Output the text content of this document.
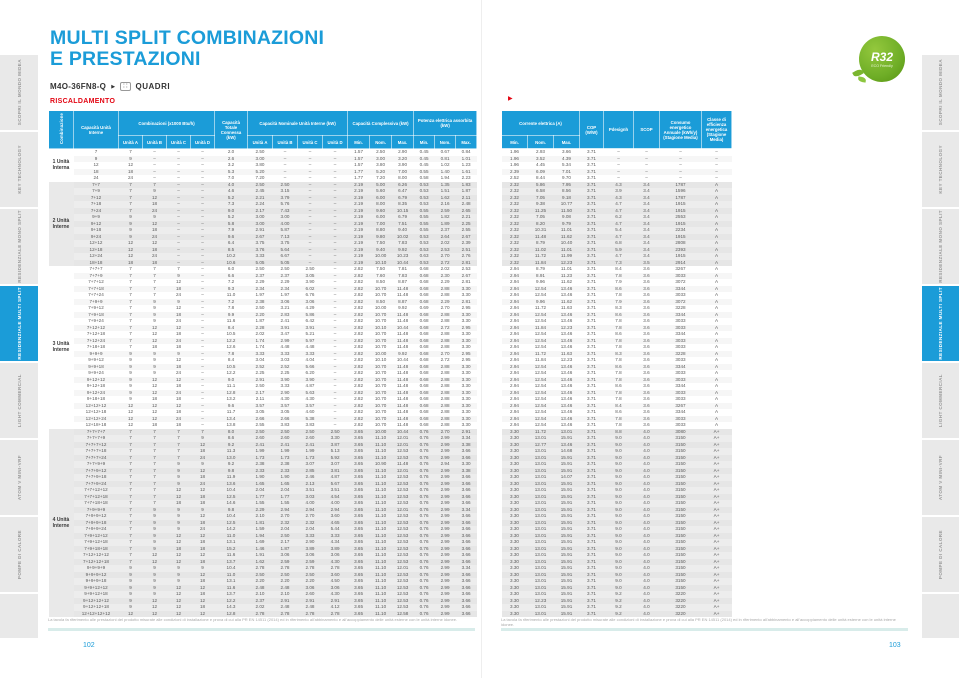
SCOPRI IL MONDO MIDEA
KEY TECHNOLOGY
RESIDENZIALE MONO SPLIT
RESIDENZIALE MULTI SPLIT
LIGHT COMMERCIAL
ATOM V MINI-VRF
POMPE DI CALORE
SCOPRI IL MONDO MIDEA
KEY TECHNOLOGY
RESIDENZIALE MONO SPLIT
RESIDENZIALE MULTI SPLIT
LIGHT COMMERCIAL
ATOM V MINI-VRF
POMPE DI CALORE
MULTI SPLIT COMBINAZIONI
E PRESTAZIONI
M4O-36FN8-Q ▶	∷	QUADRI
RISCALDAMENTO
Combinazione	Capacità Unità Interne	Combinazioni (x1000 Btu/h)				Capacità Totale Connessa (kW)	Capacità Nominale Unità Interne (kW)				Capacità Complessiva (kW)			Potenza elettrica assorbita (kW)		
		Unità A	Unità B	Unità C	Unità D		Unità A	Unità B	Unità C	Unità D	Min.	Nom.	Max.	Min.	Nom.	Max.
1 Unità Interna	7	7	–	–	–	2.0	2.50	–	–	–	1.57	2.50	2.90	0.45	0.67	0.84
	9	9	–	–	–	2.6	3.00	–	–	–	1.57	3.00	3.20	0.45	0.81	1.01
	12	12	–	–	–	3.2	3.80	–	–	–	1.57	3.80	3.90	0.45	1.02	1.23
	18	18	–	–	–	5.3	5.20	–	–	–	1.77	5.20	7.00	0.55	1.40	1.61
	24	24	–	–	–	7.0	7.20	–	–	–	1.77	7.20	8.00	0.58	1.94	2.23
2 Unità Interne	7+7	7	7	–	–	4.0	2.50	2.50	–	–	2.19	5.00	6.26	0.53	1.35	1.83
	7+9	7	9	–	–	4.6	2.45	3.15	–	–	2.19	5.60	6.47	0.53	1.51	1.87
	7+12	7	12	–	–	5.2	2.21	3.79	–	–	2.19	6.00	6.79	0.53	1.62	2.11
	7+18	7	18	–	–	7.3	2.24	5.76	–	–	2.19	8.00	8.35	0.53	2.16	2.48
	7+24	7	24	–	–	9.0	2.17	7.43	–	–	2.19	9.60	10.15	0.55	2.59	2.65
	9+9	9	9	–	–	5.2	3.00	3.00	–	–	2.19	6.00	6.79	0.55	1.82	2.21
	9+12	9	12	–	–	5.8	3.00	4.00	–	–	2.19	7.00	7.51	0.55	1.89	2.25
	9+18	9	18	–	–	7.9	2.91	5.87	–	–	2.19	8.80	9.40	0.55	2.37	2.55
	9+24	9	24	–	–	9.6	2.67	7.13	–	–	2.19	9.80	10.02	0.53	2.64	2.67
	12+12	12	12	–	–	6.4	3.75	3.75	–	–	2.19	7.50	7.83	0.53	2.02	2.39
	12+18	12	18	–	–	8.5	3.76	5.64	–	–	2.19	9.40	9.92	0.53	2.53	2.51
	12+24	12	24	–	–	10.2	3.33	6.67	–	–	2.19	10.00	10.23	0.63	2.70	2.76
	18+18	18	18	–	–	10.6	5.05	5.05	–	–	2.19	10.10	10.44	0.53	2.72	2.81
3 Unità Interne	7+7+7	7	7	7	–	6.0	2.50	2.50	2.50	–	2.82	7.50	7.81	0.68	2.02	2.53
	7+7+9	7	7	9	–	6.6	2.37	2.37	3.05	–	2.82	7.60	7.83	0.68	2.30	2.67
	7+7+12	7	7	12	–	7.2	2.29	2.29	3.90	–	2.82	8.50	8.87	0.68	2.29	2.81
	7+7+18	7	7	18	–	9.3	2.34	2.34	6.02	–	2.82	10.70	11.48	0.68	2.88	3.30
	7+7+24	7	7	24	–	11.0	1.97	1.97	6.76	–	2.82	10.70	11.48	0.68	2.88	3.30
	7+9+9	7	9	9	–	7.2	2.38	3.06	3.06	–	2.82	8.50	8.87	0.68	2.29	2.81
	7+9+12	7	9	12	–	7.8	2.50	3.21	4.29	–	2.82	10.00	9.92	0.69	2.70	2.95
	7+9+18	7	9	18	–	9.9	2.20	2.83	5.86	–	2.82	10.70	11.48	0.68	2.88	3.30
	7+9+24	7	9	24	–	11.6	1.87	2.41	6.42	–	2.82	10.70	11.48	0.68	2.88	3.30
	7+12+12	7	12	12	–	8.4	2.28	3.91	3.91	–	2.82	10.10	10.44	0.68	2.72	2.95
	7+12+18	7	12	18	–	10.5	2.02	3.47	5.21	–	2.82	10.70	11.48	0.68	2.88	3.30
	7+12+24	7	12	24	–	12.2	1.74	2.99	5.97	–	2.82	10.70	11.48	0.68	2.88	3.30
	7+18+18	7	18	18	–	12.6	1.74	4.48	4.48	–	2.82	10.70	11.48	0.68	2.88	3.30
	9+9+9	9	9	9	–	7.8	3.33	3.33	3.33	–	2.82	10.00	9.92	0.68	2.70	2.95
	9+9+12	9	9	12	–	8.4	3.04	3.03	4.04	–	2.82	10.10	10.44	0.68	2.72	2.95
	9+9+18	9	9	18	–	10.5	2.52	2.52	5.66	–	2.82	10.70	11.48	0.68	2.88	3.30
	9+9+24	9	9	24	–	12.2	2.25	2.25	6.20	–	2.82	10.70	11.48	0.68	2.88	3.30
	9+12+12	9	12	12	–	9.0	2.91	3.90	3.90	–	2.82	10.70	11.48	0.68	2.88	3.30
	9+12+18	9	12	18	–	11.1	2.50	3.33	4.87	–	2.82	10.70	11.48	0.68	2.88	3.30
	9+12+24	9	12	24	–	12.8	2.17	2.90	5.63	–	2.82	10.70	11.48	0.68	2.88	3.30
	9+18+18	9	18	18	–	13.2	2.11	4.30	4.30	–	2.82	10.70	11.48	0.68	2.88	3.30
	12+12+12	12	12	12	–	9.6	3.57	3.57	3.57	–	2.82	10.70	11.48	0.68	2.88	3.30
	12+12+18	12	12	18	–	11.7	3.05	3.05	4.60	–	2.82	10.70	11.48	0.68	2.88	3.30
	12+12+24	12	12	24	–	13.4	2.66	2.66	5.38	–	2.82	10.70	11.48	0.68	2.88	3.30
	12+18+18	12	18	18	–	13.8	2.55	3.83	3.83	–	2.82	10.70	11.48	0.68	2.88	3.30
4 Unità Interne	7+7+7+7	7	7	7	7	8.0	2.50	2.50	2.50	2.50	3.65	10.00	10.44	0.76	2.70	2.91
	7+7+7+9	7	7	7	9	8.6	2.60	2.60	2.60	3.30	3.65	11.10	12.01	0.76	2.99	3.34
	7+7+7+12	7	7	7	12	9.2	2.41	2.41	2.41	3.87	3.65	11.10	12.01	0.76	2.99	3.38
	7+7+7+18	7	7	7	18	11.3	1.99	1.99	1.99	5.13	3.65	11.10	12.53	0.76	2.99	3.66
	7+7+7+24	7	7	7	24	13.0	1.73	1.73	1.73	5.92	3.65	11.10	12.53	0.76	2.99	3.66
	7+7+9+9	7	7	9	9	9.2	2.38	2.38	3.07	3.07	3.65	10.90	11.48	0.76	2.94	3.30
	7+7+9+12	7	7	9	12	9.8	2.33	2.33	2.85	3.81	3.65	11.10	12.01	0.76	2.99	3.38
	7+7+9+18	7	7	9	18	11.9	1.90	1.90	2.46	4.87	3.65	11.10	12.53	0.76	2.99	3.66
	7+7+9+24	7	7	9	24	13.6	1.65	1.65	2.13	5.67	3.65	11.10	12.53	0.76	2.99	3.66
	7+7+12+12	7	7	12	12	10.4	2.04	2.04	3.51	3.51	3.65	11.10	12.53	0.76	2.99	3.66
	7+7+12+18	7	7	12	18	12.5	1.77	1.77	3.03	4.54	3.65	11.10	12.53	0.76	2.99	3.66
	7+7+18+18	7	7	18	18	14.6	1.55	1.55	4.00	4.00	3.65	11.10	12.53	0.76	2.99	3.66
	7+9+9+9	7	9	9	9	9.8	2.29	2.94	2.94	2.94	3.65	11.10	12.01	0.76	2.99	3.34
	7+9+9+12	7	9	9	12	10.4	2.10	2.70	2.70	3.60	3.65	11.10	12.53	0.76	2.99	3.66
	7+9+9+18	7	9	9	18	12.5	1.81	2.32	2.32	4.65	3.65	11.10	12.53	0.76	2.99	3.66
	7+9+9+24	7	9	9	24	14.2	1.59	2.04	2.04	5.44	3.65	11.10	12.53	0.76	2.99	3.66
	7+9+12+12	7	9	12	12	11.0	1.94	2.50	3.33	3.33	3.65	11.10	12.53	0.76	2.99	3.66
	7+9+12+18	7	9	12	18	13.1	1.69	2.17	2.90	4.34	3.65	11.10	12.53	0.76	2.99	3.66
	7+9+18+18	7	9	18	18	15.2	1.46	1.87	3.89	3.89	3.65	11.10	12.53	0.76	2.99	3.66
	7+12+12+12	7	12	12	12	11.6	1.91	3.06	3.06	3.06	3.65	11.10	12.53	0.76	2.99	3.66
	7+12+12+18	7	12	12	18	13.7	1.62	2.59	2.59	4.30	3.65	11.10	12.53	0.76	2.99	3.66
	9+9+9+9	9	9	9	9	10.4	2.78	2.78	2.78	2.78	3.65	11.10	12.01	0.76	2.99	3.34
	9+9+9+12	9	9	9	12	11.0	2.50	2.50	2.50	3.60	3.65	11.10	12.53	0.76	2.99	3.66
	9+9+9+18	9	9	9	18	13.1	2.20	2.20	2.20	4.50	3.65	11.10	12.53	0.76	2.99	3.66
	9+9+12+12	9	9	12	12	11.6	2.48	2.48	3.06	3.06	3.65	11.10	12.53	0.76	2.99	3.66
	9+9+12+18	9	9	12	18	13.7	2.10	2.10	2.60	4.30	3.65	11.10	12.53	0.76	2.99	3.66
	9+12+12+12	9	12	12	12	12.2	2.37	2.91	2.91	2.91	3.65	11.10	12.53	0.76	2.99	3.66
	9+12+12+18	9	12	12	18	14.3	2.02	2.48	2.48	4.12	3.65	11.10	12.53	0.76	2.99	3.66
	12+12+12+12	12	12	12	12	12.8	2.78	2.78	2.78	2.78	3.65	11.10	12.58	0.76	2.99	3.66
La tavola fa riferimento alle prestazioni del prodotto misurate alle condizioni di installazione e prova di cui alla PR EN 14511 (2014) ed in riferimento all'abbinamento e all'accoppiamento delle unità esterne con le unità interne idonee.
102
▶
R32
ECO Friendly
Corrente elettrica (A)			COP (W/W)	Pdesignh	SCOP	Consumo energetico Annuale (kWh/y) (Stagione Media)	Classe di efficienza energetica (Stagione Media)
Min.	Nom.	Max.					
1.96	2.93	3.66	3.71	–	–	–	–
1.96	3.52	4.39	3.71	–	–	–	–
1.96	4.45	5.34	3.71	–	–	–	–
2.39	6.09	7.01	3.71	–	–	–	–
2.52	8.44	9.70	3.71	–	–	–	–
2.32	5.86	7.95	3.71	4.3	3.4	1787	A
2.32	6.58	8.56	3.71	3.9	3.4	1596	A
2.32	7.05	9.18	3.71	4.3	3.4	1787	A
2.32	9.38	10.77	3.71	4.7	3.4	1915	A
2.32	11.25	11.50	3.71	4.7	3.4	1915	A
2.32	7.05	9.08	3.71	6.2	3.4	2553	A
2.32	8.20	9.79	3.71	4.7	3.4	1915	A
2.32	10.31	11.01	3.71	5.4	3.4	2234	A
2.32	11.48	11.62	3.71	4.7	3.4	1915	A
2.32	8.79	10.40	3.71	6.8	3.4	2808	A
2.32	11.02	11.01	3.71	5.9	3.4	2393	A
2.32	11.72	11.99	3.71	4.7	3.4	1915	A
2.32	11.84	12.23	3.71	7.3	3.5	2914	A
2.94	8.79	11.01	3.71	8.4	3.6	3267	A
2.94	8.91	11.23	3.71	7.8	3.6	3033	A
2.94	9.96	11.62	3.71	7.9	3.6	3072	A
2.94	12.54	13.46	3.71	8.6	3.6	3344	A
2.94	12.54	13.46	3.71	7.8	3.6	3033	A
2.94	9.96	11.62	3.71	7.9	3.6	3072	A
2.94	11.72	11.63	3.71	8.3	3.6	3228	A
2.94	12.54	13.46	3.71	8.6	3.6	3344	A
2.94	12.54	13.46	3.71	7.8	3.6	3033	A
2.94	11.84	12.23	3.71	7.8	3.6	3033	A
2.94	12.54	13.46	3.71	8.6	3.6	3344	A
2.94	12.54	13.46	3.71	7.8	3.6	3033	A
2.94	12.54	13.46	3.71	7.8	3.6	3033	A
2.94	11.72	11.63	3.71	8.3	3.6	3228	A
2.94	11.84	12.23	3.71	7.8	3.6	3033	A
2.94	12.54	13.46	3.71	8.6	3.6	3344	A
2.94	12.54	13.46	3.71	7.8	3.6	3033	A
2.94	12.54	13.46	3.71	7.8	3.6	3033	A
2.94	12.54	13.46	3.71	8.6	3.6	3344	A
2.94	12.54	13.46	3.71	7.8	3.6	3033	A
2.94	12.54	13.46	3.71	7.8	3.6	3033	A
2.94	12.54	13.46	3.71	8.4	3.6	3267	A
2.94	12.54	13.46	3.71	8.6	3.6	3344	A
2.94	12.54	13.46	3.71	7.8	3.6	3033	A
2.94	12.54	13.46	3.71	7.8	3.6	3033	A
3.30	11.72	13.01	3.71	8.8	4.0	3080	A+
3.30	13.01	15.91	3.71	9.0	4.0	3150	A+
3.30	12.77	13.46	3.71	9.0	4.0	3150	A+
3.30	13.01	14.68	3.71	9.0	4.0	3150	A+
3.30	13.01	15.91	3.71	9.0	4.0	3150	A+
3.30	13.01	15.91	3.71	9.0	4.0	3150	A+
3.30	13.01	15.91	3.71	9.0	4.0	3150	A+
3.30	13.01	14.07	3.71	9.0	4.0	3150	A+
3.30	13.01	15.91	3.71	9.0	4.0	3150	A+
3.30	13.01	15.91	3.71	9.0	4.0	3150	A+
3.30	13.01	15.91	3.71	9.0	4.0	3150	A+
3.30	13.01	15.91	3.71	9.0	4.0	3150	A+
3.30	13.01	15.91	3.71	9.0	4.0	3150	A+
3.30	13.01	15.91	3.71	9.0	4.0	3150	A+
3.30	13.01	15.91	3.71	9.0	4.0	3150	A+
3.30	13.01	15.91	3.71	9.0	4.0	3150	A+
3.30	13.01	15.91	3.71	9.0	4.0	3150	A+
3.30	13.01	15.91	3.71	9.0	4.0	3150	A+
3.30	13.01	15.91	3.71	9.0	4.0	3150	A+
3.30	13.01	15.91	3.71	9.0	4.0	3150	A+
3.30	13.01	15.91	3.71	9.0	4.0	3150	A+
3.30	13.01	15.91	3.71	9.0	4.0	3150	A+
3.30	13.01	15.91	3.71	9.0	4.0	3150	A+
3.30	13.01	15.91	3.71	9.0	4.0	3150	A+
3.30	13.01	15.91	3.71	9.0	4.0	3150	A+
3.30	13.01	15.91	3.71	9.2	4.0	3220	A+
3.30	12.23	15.91	3.71	9.2	4.0	3220	A+
3.30	13.01	15.91	3.71	9.2	4.0	3220	A+
3.30	13.01	15.91	3.71	9.2	4.0	3220	A+
La tavola fa riferimento alle prestazioni del prodotto misurate alle condizioni di installazione e prova di cui alla PR EN 14511 (2014) ed in riferimento all'abbinamento e all'accoppiamento delle unità esterne con le unità interne idonee.
103
